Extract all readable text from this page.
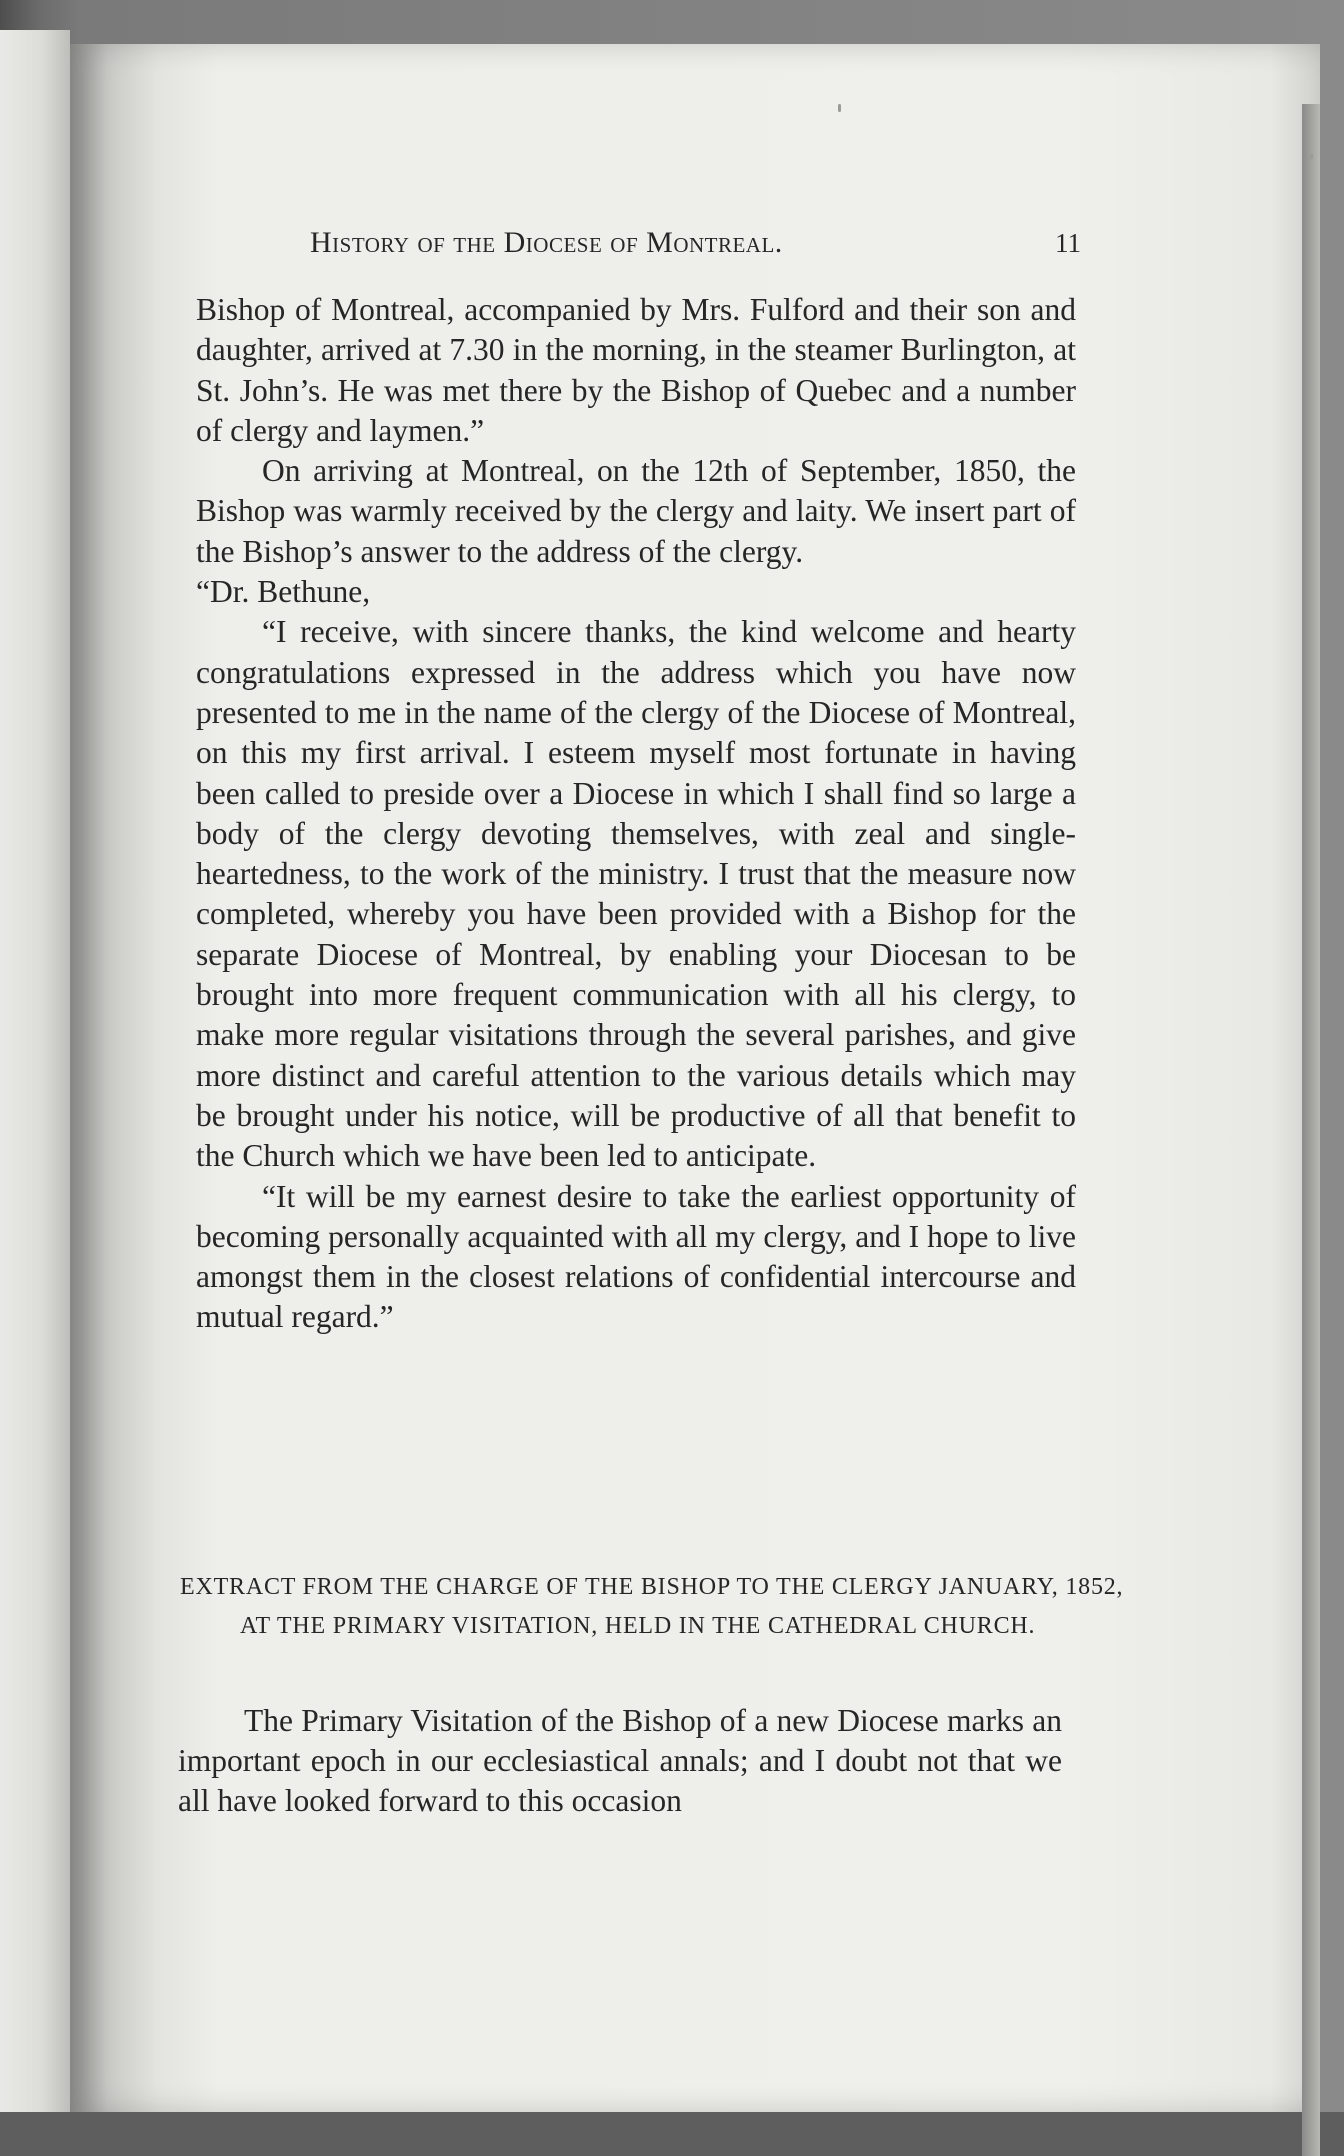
History of the Diocese of Montreal.	11

Bishop of Montreal, accompanied by Mrs. Fulford and their son and daughter, arrived at 7.30 in the morning, in the steamer Burlington, at St. John’s. He was met there by the Bishop of Quebec and a number of clergy and laymen.”

On arriving at Montreal, on the 12th of September, 1850, the Bishop was warmly received by the clergy and laity. We insert part of the Bishop’s answer to the address of the clergy.

“Dr. Bethune,

“I receive, with sincere thanks, the kind welcome and hearty congratulations expressed in the address which you have now presented to me in the name of the clergy of the Diocese of Montreal, on this my first arrival. I esteem myself most fortunate in having been called to preside over a Diocese in which I shall find so large a body of the clergy devoting themselves, with zeal and single-heartedness, to the work of the ministry. I trust that the measure now completed, whereby you have been provided with a Bishop for the separate Diocese of Montreal, by enabling your Diocesan to be brought into more frequent communication with all his clergy, to make more regular visitations through the several parishes, and give more distinct and careful attention to the various details which may be brought under his notice, will be productive of all that benefit to the Church which we have been led to anticipate.

“It will be my earnest desire to take the earliest opportunity of becoming personally acquainted with all my clergy, and I hope to live amongst them in the closest relations of confidential intercourse and mutual regard.”

EXTRACT FROM THE CHARGE OF THE BISHOP TO THE CLERGY JANUARY, 1852, AT THE PRIMARY VISITATION, HELD IN THE CATHEDRAL CHURCH.

The Primary Visitation of the Bishop of a new Diocese marks an important epoch in our ecclesiastical annals; and I doubt not that we all have looked forward to this occasion
